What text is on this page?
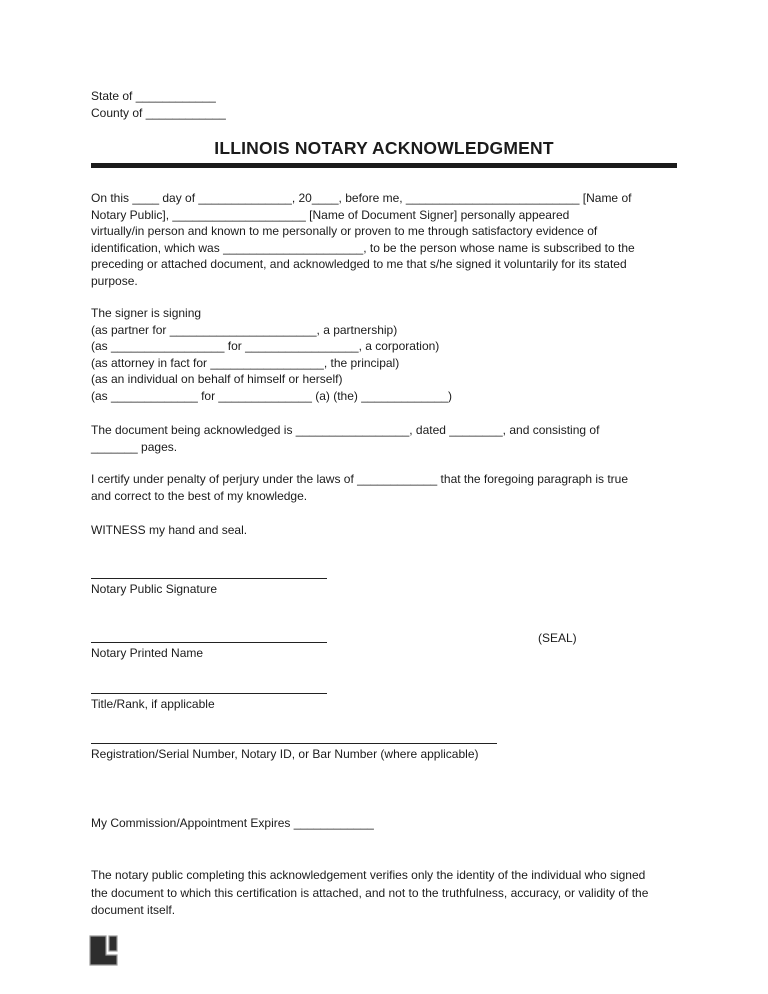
State of ____________
County of ____________
ILLINOIS NOTARY ACKNOWLEDGMENT
On this ____ day of ______________, 20____, before me, __________________________ [Name of
Notary Public], ____________________ [Name of Document Signer] personally appeared
virtually/in person and known to me personally or proven to me through satisfactory evidence of
identification, which was _____________________, to be the person whose name is subscribed to the
preceding or attached document, and acknowledged to me that s/he signed it voluntarily for its stated
purpose.
The signer is signing
(as partner for ______________________, a partnership)
(as _________________ for _________________, a corporation)
(as attorney in fact for _________________, the principal)
(as an individual on behalf of himself or herself)
(as _____________ for ______________ (a) (the) _____________)
The document being acknowledged is _________________, dated ________, and consisting of
_______ pages.
I certify under penalty of perjury under the laws of ____________ that the foregoing paragraph is true
and correct to the best of my knowledge.
WITNESS my hand and seal.
Notary Public Signature
(SEAL)
Notary Printed Name
Title/Rank, if applicable
Registration/Serial Number, Notary ID, or Bar Number (where applicable)
My Commission/Appointment Expires ____________
The notary public completing this acknowledgement verifies only the identity of the individual who signed
the document to which this certification is attached, and not to the truthfulness, accuracy, or validity of the
document itself.
